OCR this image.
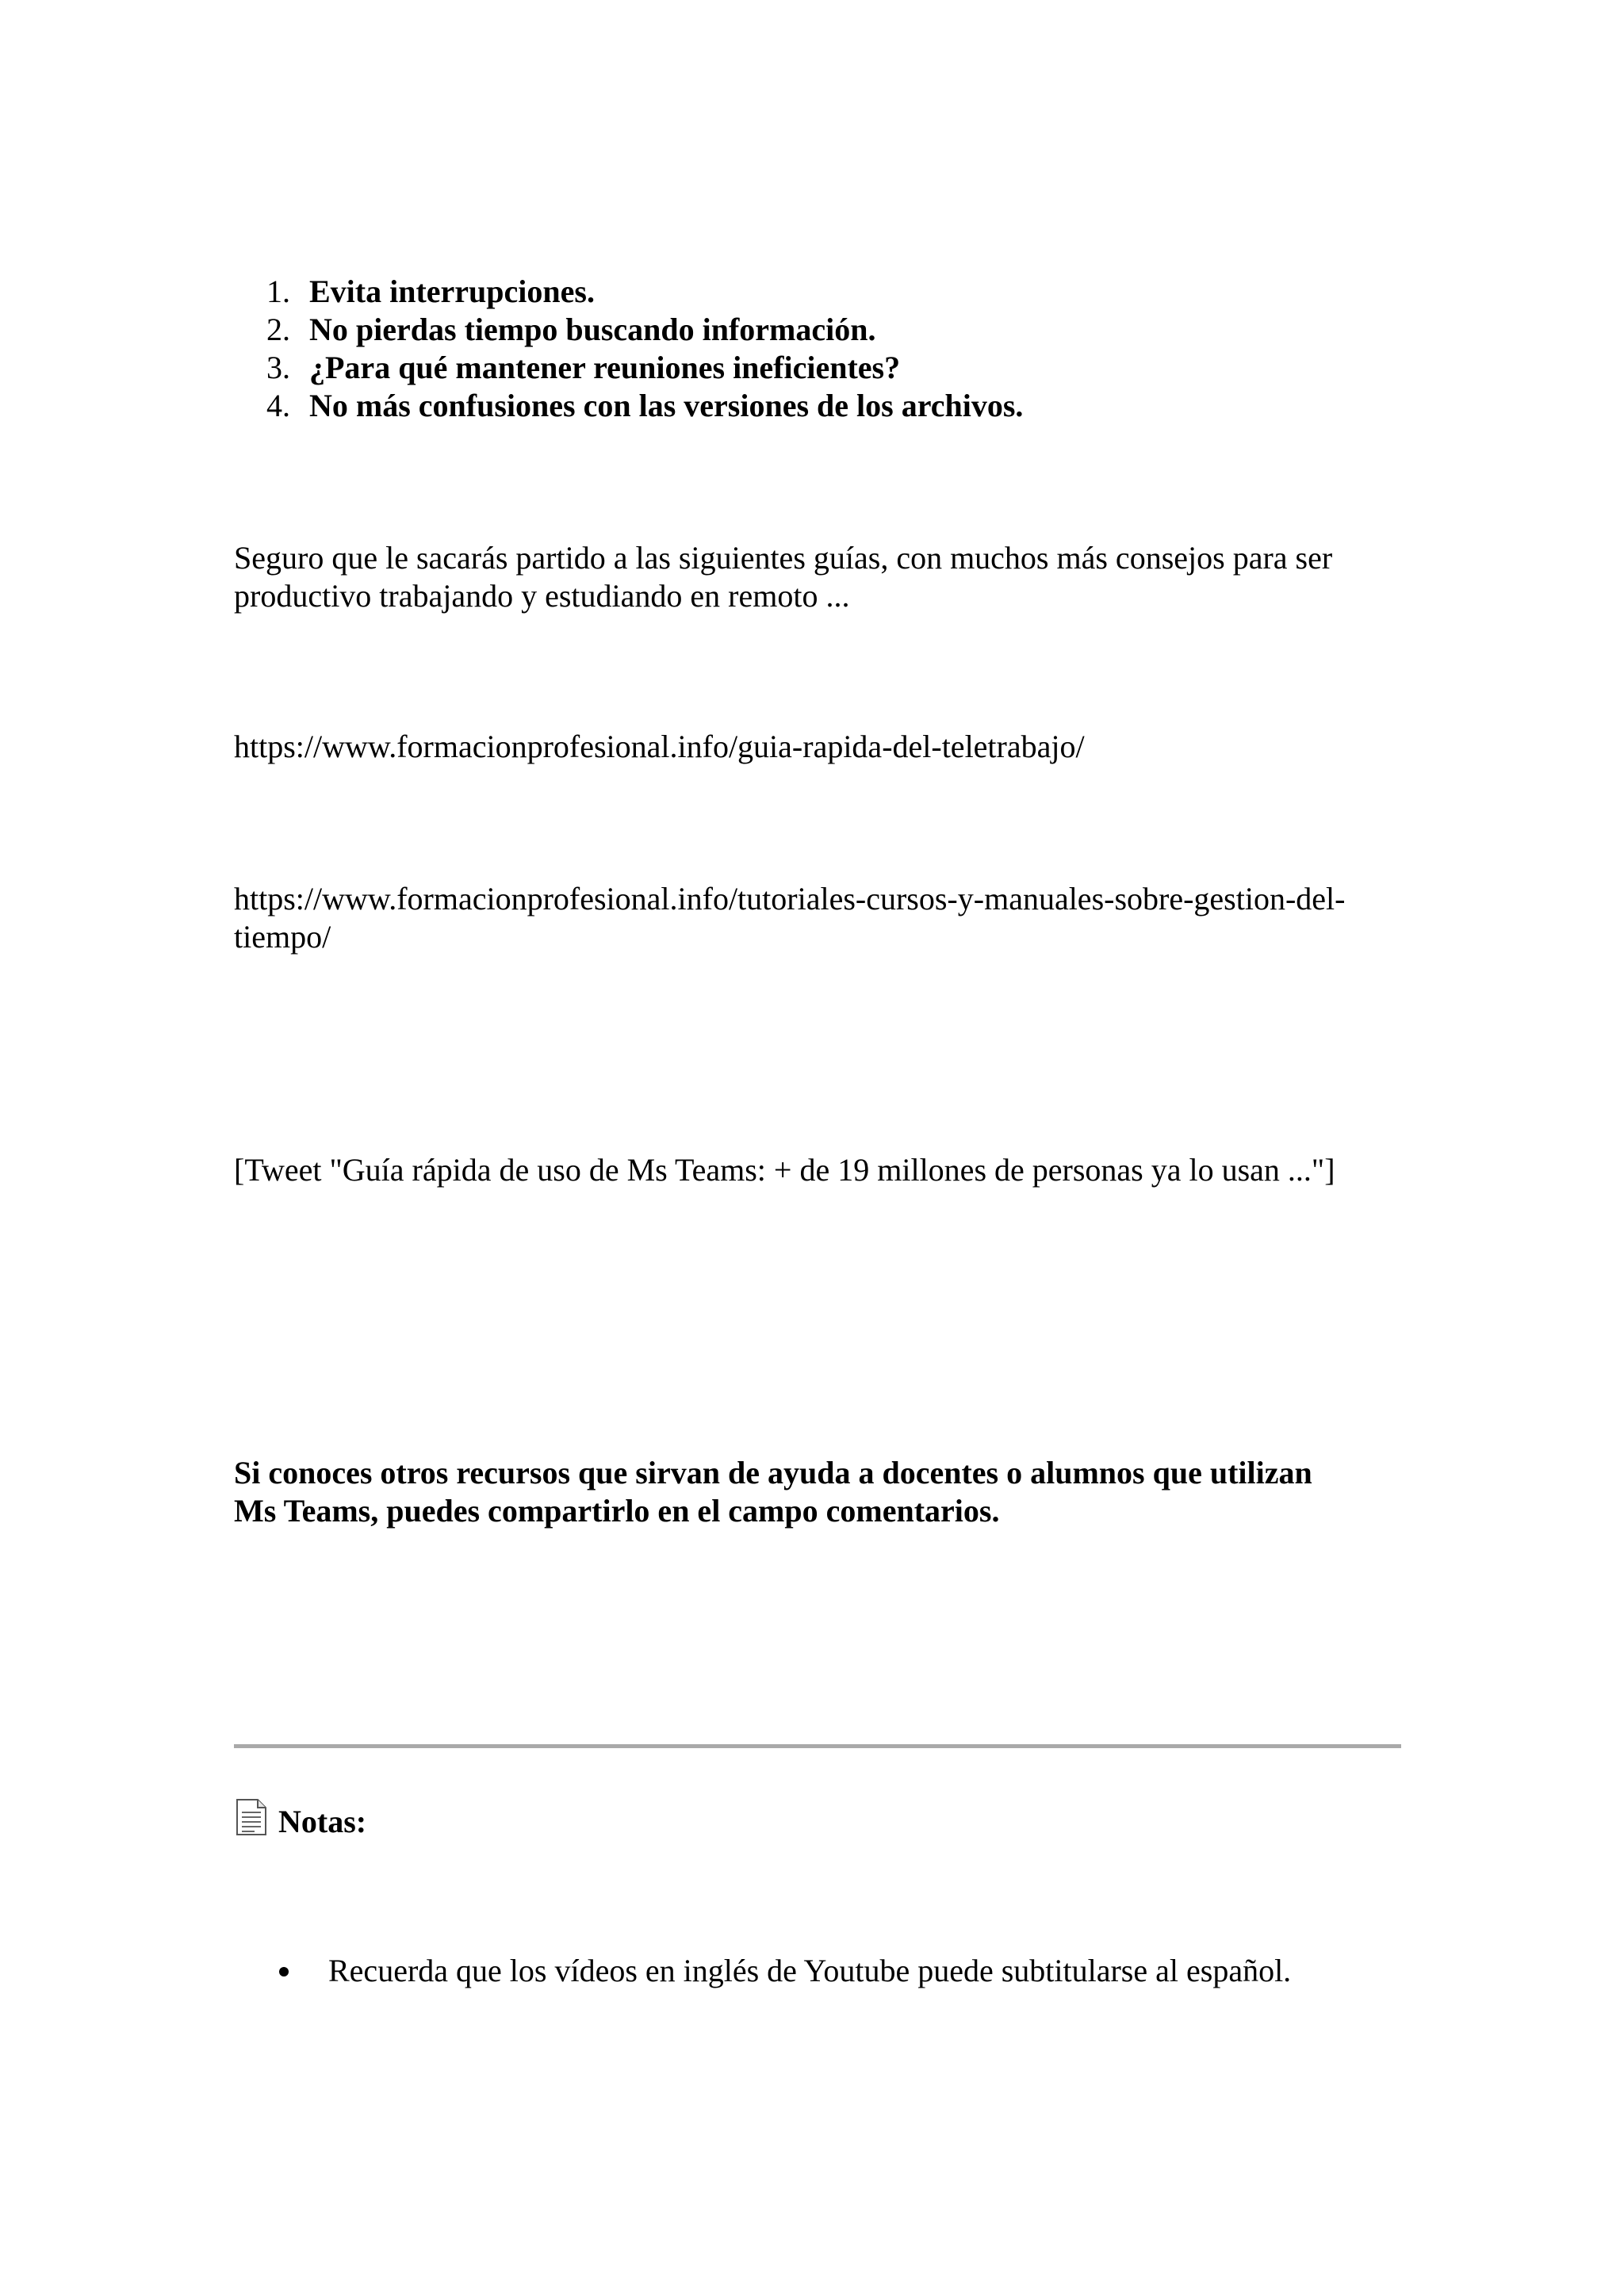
1. Evita interrupciones.
2. No pierdas tiempo buscando información.
3. ¿Para qué mantener reuniones ineficientes?
4. No más confusiones con las versiones de los archivos.
Seguro que le sacarás partido a las siguientes guías, con muchos más consejos para ser
productivo trabajando y estudiando en remoto ...
https://www.formacionprofesional.info/guia-rapida-del-teletrabajo/
https://www.formacionprofesional.info/tutoriales-cursos-y-manuales-sobre-gestion-del-
tiempo/
[Tweet "Guía rápida de uso de Ms Teams: + de 19 millones de personas ya lo usan ..."]
Si conoces otros recursos que sirvan de ayuda a docentes o alumnos que utilizan
Ms Teams, puedes compartirlo en el campo comentarios.
Notas:
Recuerda que los vídeos en inglés de Youtube puede subtitularse al español.
